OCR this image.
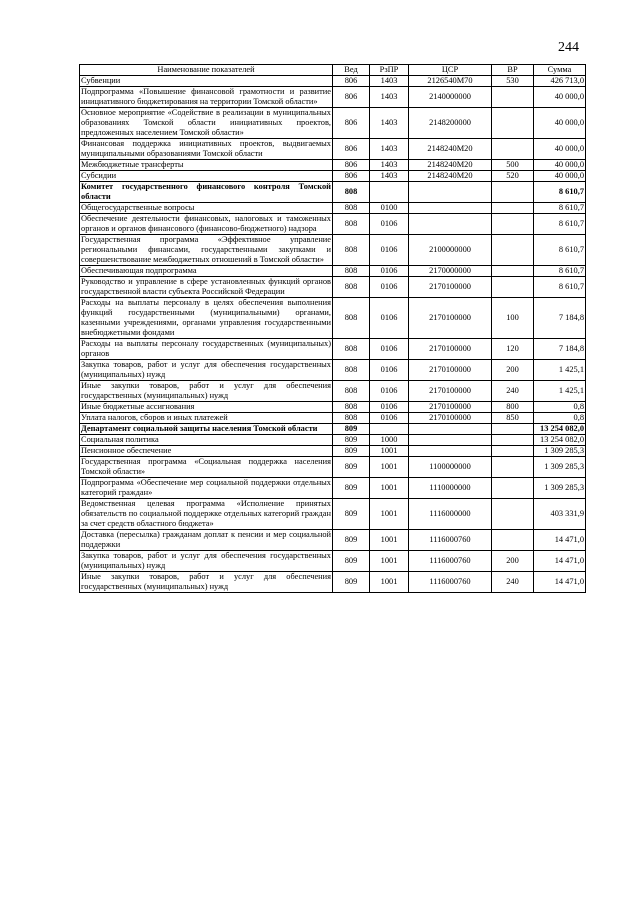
244
Наименование показателей	Вед	РзПР	ЦСР	ВР	Сумма
Субвенции	806	1403	2126540M70	530	426 713,0
Подпрограмма «Повышение финансовой грамотности и развитие инициативного бюджетирования на территории Томской области»	806	1403	2140000000		40 000,0
Основное мероприятие «Содействие в реализации в муниципальных образованиях Томской области инициативных проектов, предложенных населением Томской области»	806	1403	2148200000		40 000,0
Финансовая поддержка инициативных проектов, выдвигаемых муниципальными образованиями Томской области	806	1403	2148240M20		40 000,0
Межбюджетные трансферты	806	1403	2148240M20	500	40 000,0
Субсидии	806	1403	2148240M20	520	40 000,0
Комитет государственного финансового контроля Томской области	808				8 610,7
Общегосударственные вопросы	808	0100			8 610,7
Обеспечение деятельности финансовых, налоговых и таможенных органов и органов финансового (финансово-бюджетного) надзора	808	0106			8 610,7
Государственная программа «Эффективное управление региональными финансами, государственными закупками и совершенствование межбюджетных отношений в Томской области»	808	0106	2100000000		8 610,7
Обеспечивающая подпрограмма	808	0106	2170000000		8 610,7
Руководство и управление в сфере установленных функций органов государственной власти субъекта Российской Федерации	808	0106	2170100000		8 610,7
Расходы на выплаты персоналу в целях обеспечения выполнения функций государственными (муниципальными) органами, казенными учреждениями, органами управления государственными внебюджетными фондами	808	0106	2170100000	100	7 184,8
Расходы на выплаты персоналу государственных (муниципальных) органов	808	0106	2170100000	120	7 184,8
Закупка товаров, работ и услуг для обеспечения государственных (муниципальных) нужд	808	0106	2170100000	200	1 425,1
Иные закупки товаров, работ и услуг для обеспечения государственных (муниципальных) нужд	808	0106	2170100000	240	1 425,1
Иные бюджетные ассигнования	808	0106	2170100000	800	0,8
Уплата налогов, сборов и иных платежей	808	0106	2170100000	850	0,8
Департамент социальной защиты населения Томской области	809				13 254 082,0
Социальная политика	809	1000			13 254 082,0
Пенсионное обеспечение	809	1001			1 309 285,3
Государственная программа «Социальная поддержка населения Томской области»	809	1001	1100000000		1 309 285,3
Подпрограмма «Обеспечение мер социальной поддержки отдельных категорий граждан»	809	1001	1110000000		1 309 285,3
Ведомственная целевая программа «Исполнение принятых обязательств по социальной поддержке отдельных категорий граждан за счет средств областного бюджета»	809	1001	1116000000		403 331,9
Доставка (пересылка) гражданам доплат к пенсии и мер социальной поддержки	809	1001	1116000760		14 471,0
Закупка товаров, работ и услуг для обеспечения государственных (муниципальных) нужд	809	1001	1116000760	200	14 471,0
Иные закупки товаров, работ и услуг для обеспечения государственных (муниципальных) нужд	809	1001	1116000760	240	14 471,0
